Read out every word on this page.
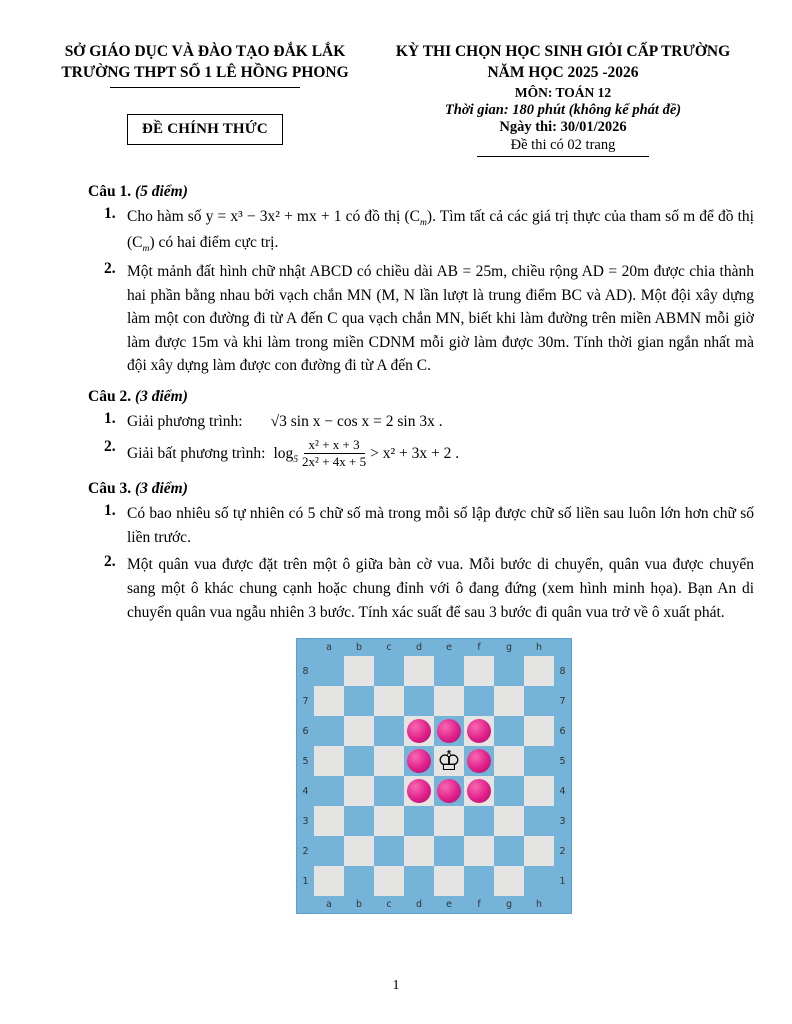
SỞ GIÁO DỤC VÀ ĐÀO TẠO ĐẮK LẮK
TRƯỜNG THPT SỐ 1 LÊ HỒNG PHONG
ĐỀ CHÍNH THỨC
KỲ THI CHỌN HỌC SINH GIỎI CẤP TRƯỜNG
NĂM HỌC 2025 -2026
MÔN: TOÁN 12
Thời gian: 180 phút (không kể phát đề)
Ngày thi: 30/01/2026
Đề thi có 02 trang
Câu 1. (5 điểm)
1. Cho hàm số y = x³ − 3x² + mx + 1 có đồ thị $(C_m)$. Tìm tất cả các giá trị thực của tham số m để đồ thị $(C_m)$ có hai điểm cực trị.
2. Một mảnh đất hình chữ nhật ABCD có chiều dài AB = 25m, chiều rộng AD = 20m được chia thành hai phần bằng nhau bởi vạch chắn MN (M, N lần lượt là trung điểm BC và AD). Một đội xây dựng làm một con đường đi từ A đến C qua vạch chắn MN, biết khi làm đường trên miền ABMN mỗi giờ làm được 15m và khi làm trong miền CDNM mỗi giờ làm được 30m. Tính thời gian ngắn nhất mà đội xây dựng làm được con đường đi từ A đến C.
Câu 2. (3 điểm)
1. Giải phương trình: √3 sin x − cos x = 2 sin 3x .
2. Giải bất phương trình: $\log_5 \frac{\text{x² + x + 3}}{\text{2x² + 4x + 5}} > x^2 + 3x + 2$ .
Câu 3. (3 điểm)
1. Có bao nhiêu số tự nhiên có 5 chữ số mà trong mỗi số lập được chữ số liền sau luôn lớn hơn chữ số liền trước.
2. Một quân vua được đặt trên một ô giữa bàn cờ vua. Mỗi bước di chuyển, quân vua được chuyển sang một ô khác chung cạnh hoặc chung đỉnh với ô đang đứng (xem hình minh họa). Bạn An di chuyển quân vua ngẫu nhiên 3 bước. Tính xác suất để sau 3 bước đi quân vua trở về ô xuất phát.
a	b	c	d	e	f	g	h
8	8
7	7
6	6
5	♔	5
4	4
3	3
2	2
1	1
a	b	c	d	e	f	g	h
1
